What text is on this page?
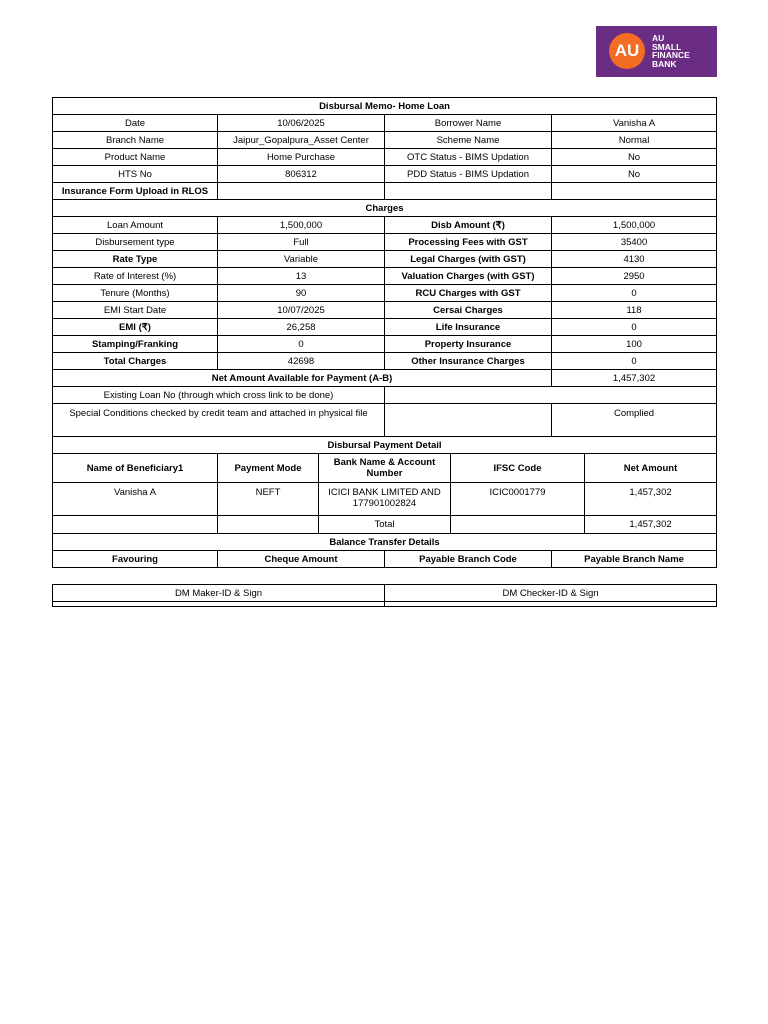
AU
AU
SMALL
FINANCE
BANK
Disbursal Memo- Home Loan						
Date	10/06/2025		Borrower Name		Vanisha A	
Branch Name	Jaipur_Gopalpura_Asset Center		Scheme Name		Normal	
Product Name	Home Purchase		OTC Status - BIMS Updation		No	
HTS No	806312		PDD Status - BIMS Updation		No	
Insurance Form Upload in RLOS						
Charges						
Loan Amount	1,500,000		Disb Amount (₹)		1,500,000	
Disbursement type	Full		Processing Fees with GST		35400	
Rate Type	Variable		Legal Charges (with GST)		4130	
Rate of Interest (%)	13		Valuation Charges (with GST)		2950	
Tenure (Months)	90		RCU Charges with GST		0	
EMI Start Date	10/07/2025		Cersai Charges		118	
EMI (₹)	26,258		Life Insurance		0	
Stamping/Franking	0		Property Insurance		100	
Total Charges	42698		Other Insurance Charges		0	
Net Amount Available for Payment (A-B)					1,457,302	
Existing Loan No (through which cross link to be done)						
Special Conditions checked by credit team and attached in physical file					Complied	
Disbursal Payment Detail						
Name of Beneficiary1	Payment Mode	Bank Name & Account Number		IFSC Code		Net Amount
Vanisha A	NEFT	ICICI BANK LIMITED AND 177901002824		ICIC0001779		1,457,302
		Total				1,457,302
Balance Transfer Details						
Favouring	Cheque Amount		Payable Branch Code		Payable Branch Name	
DM Maker-ID & Sign	DM Checker-ID & Sign
